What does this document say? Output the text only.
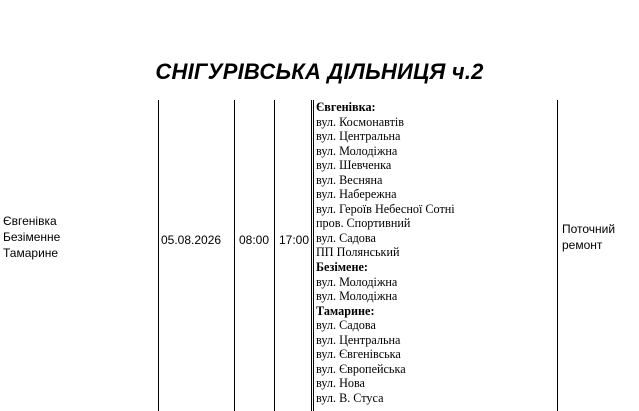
СНІГУРІВСЬКА ДІЛЬНИЦЯ ч.2
Євгенівка
Безіменне
Тамарине
05.08.2026 08:00 17:00
Поточний ремонт
Євгенівка:
вул. Космонавтів
вул. Центральна
вул. Молодіжна
вул. Шевченка
вул. Весняна
вул. Набережна
вул. Героїв Небесної Сотні
пров. Спортивний
вул. Садова
ПП Полянський
Безімене:
вул. Молодіжна
вул. Молодіжна
Тамарине:
вул. Садова
вул. Центральна
вул. Євгенівська
вул. Європейська
вул. Нова
вул. В. Стуса
